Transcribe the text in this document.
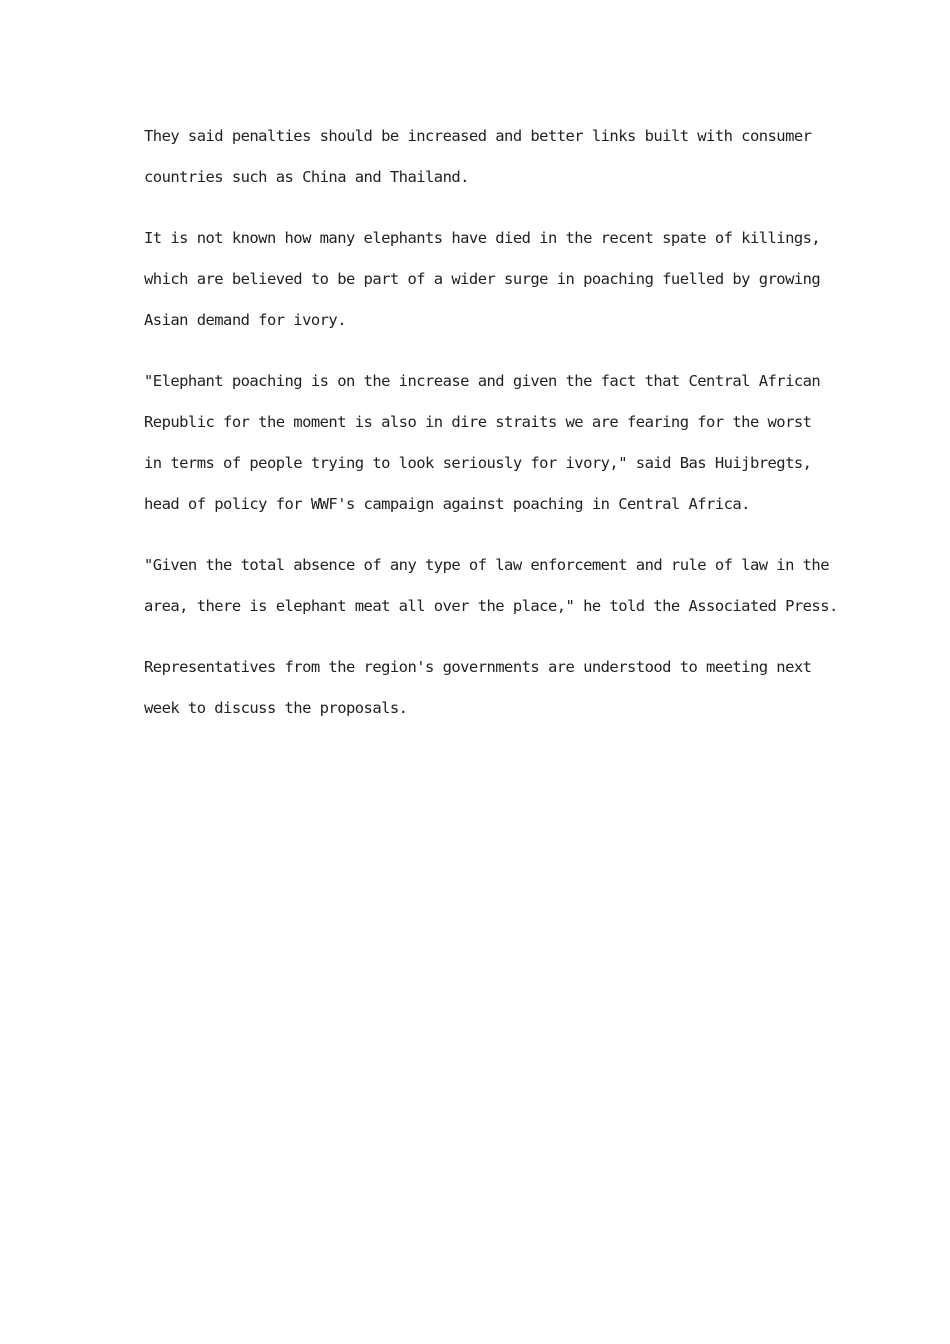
They said penalties should be increased and better links built with consumer
countries such as China and Thailand.

It is not known how many elephants have died in the recent spate of killings,
which are believed to be part of a wider surge in poaching fuelled by growing
Asian demand for ivory.

"Elephant poaching is on the increase and given the fact that Central African
Republic for the moment is also in dire straits we are fearing for the worst
in terms of people trying to look seriously for ivory," said Bas Huijbregts,
head of policy for WWF's campaign against poaching in Central Africa.

"Given the total absence of any type of law enforcement and rule of law in the
area, there is elephant meat all over the place," he told the Associated Press.

Representatives from the region's governments are understood to meeting next
week to discuss the proposals.
